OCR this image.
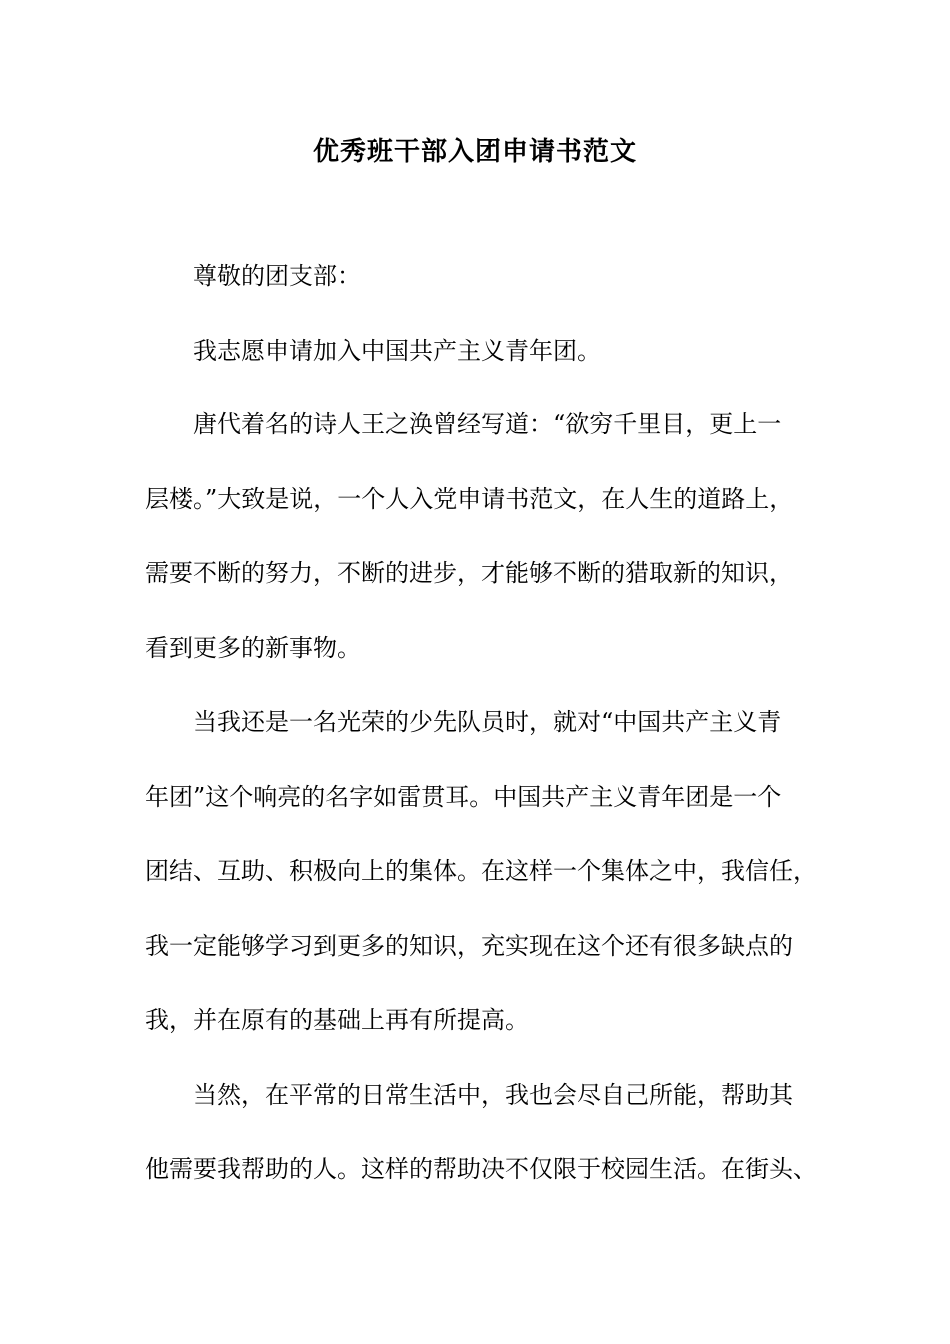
优秀班干部入团申请书范文
尊敬的团支部：
我志愿申请加入中国共产主义青年团。
唐代着名的诗人王之涣曾经写道：“欲穷千里目，更上一
层楼。”大致是说，一个人入党申请书范文，在人生的道路上，
需要不断的努力，不断的进步，才能够不断的猎取新的知识，
看到更多的新事物。
当我还是一名光荣的少先队员时，就对“中国共产主义青
年团”这个响亮的名字如雷贯耳。中国共产主义青年团是一个
团结、互助、积极向上的集体。在这样一个集体之中，我信任，
我一定能够学习到更多的知识，充实现在这个还有很多缺点的
我，并在原有的基础上再有所提高。
当然，在平常的日常生活中，我也会尽自己所能，帮助其
他需要我帮助的人。这样的帮助决不仅限于校园生活。在街头、
